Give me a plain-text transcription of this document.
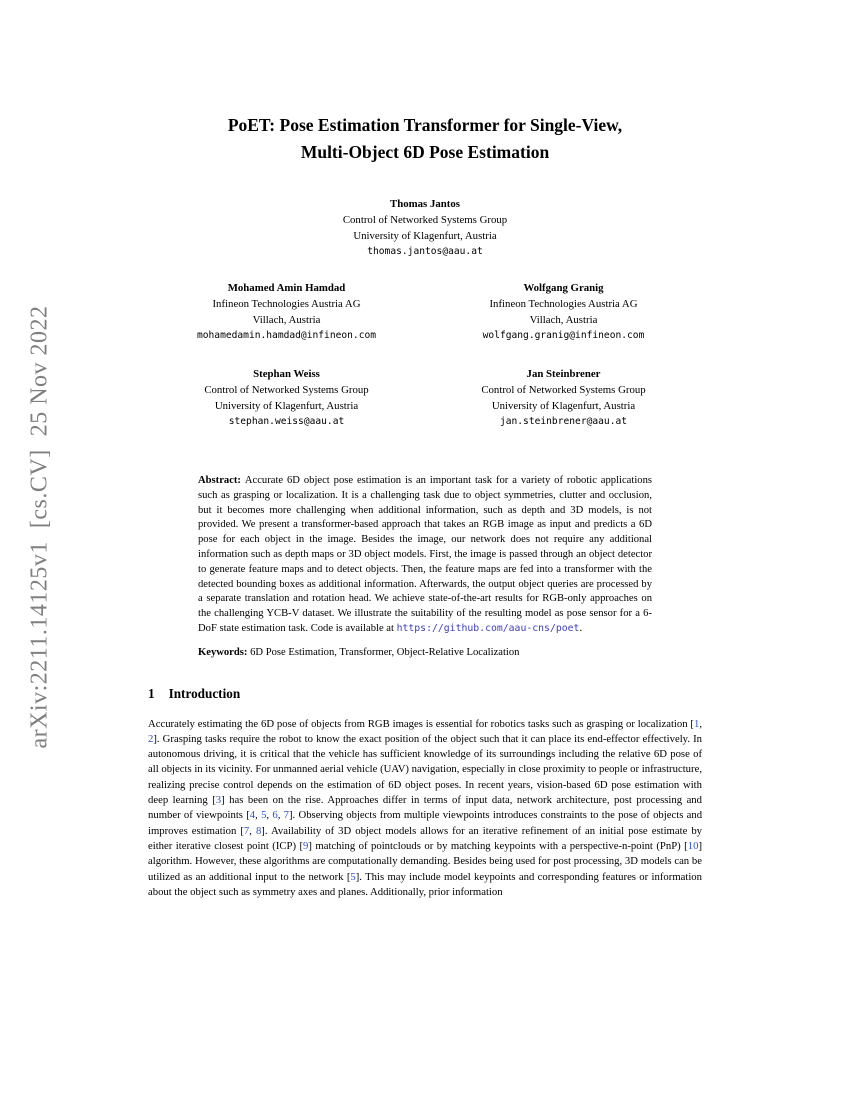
arXiv:2211.14125v1  [cs.CV]  25 Nov 2022
PoET: Pose Estimation Transformer for Single-View,
Multi-Object 6D Pose Estimation
Thomas Jantos
Control of Networked Systems Group
University of Klagenfurt, Austria
thomas.jantos@aau.at
Mohamed Amin Hamdad
Infineon Technologies Austria AG
Villach, Austria
mohamedamin.hamdad@infineon.com
Wolfgang Granig
Infineon Technologies Austria AG
Villach, Austria
wolfgang.granig@infineon.com
Stephan Weiss
Control of Networked Systems Group
University of Klagenfurt, Austria
stephan.weiss@aau.at
Jan Steinbrener
Control of Networked Systems Group
University of Klagenfurt, Austria
jan.steinbrener@aau.at
Abstract: Accurate 6D object pose estimation is an important task for a variety of robotic applications such as grasping or localization. It is a challenging task due to object symmetries, clutter and occlusion, but it becomes more challenging when additional information, such as depth and 3D models, is not provided. We present a transformer-based approach that takes an RGB image as input and predicts a 6D pose for each object in the image. Besides the image, our network does not require any additional information such as depth maps or 3D object models. First, the image is passed through an object detector to generate feature maps and to detect objects. Then, the feature maps are fed into a transformer with the detected bounding boxes as additional information. Afterwards, the output object queries are processed by a separate translation and rotation head. We achieve state-of-the-art results for RGB-only approaches on the challenging YCB-V dataset. We illustrate the suitability of the resulting model as pose sensor for a 6-DoF state estimation task. Code is available at https://github.com/aau-cns/poet.
Keywords: 6D Pose Estimation, Transformer, Object-Relative Localization
1 Introduction
Accurately estimating the 6D pose of objects from RGB images is essential for robotics tasks such as grasping or localization [1, 2]. Grasping tasks require the robot to know the exact position of the object such that it can place its end-effector effectively. In autonomous driving, it is critical that the vehicle has sufficient knowledge of its surroundings including the relative 6D pose of all objects in its vicinity. For unmanned aerial vehicle (UAV) navigation, especially in close proximity to people or infrastructure, realizing precise control depends on the estimation of 6D object poses. In recent years, vision-based 6D pose estimation with deep learning [3] has been on the rise. Approaches differ in terms of input data, network architecture, post processing and number of viewpoints [4, 5, 6, 7]. Observing objects from multiple viewpoints introduces constraints to the pose of objects and improves estimation [7, 8]. Availability of 3D object models allows for an iterative refinement of an initial pose estimate by either iterative closest point (ICP) [9] matching of pointclouds or by matching keypoints with a perspective-n-point (PnP) [10] algorithm. However, these algorithms are computationally demanding. Besides being used for post processing, 3D models can be utilized as an additional input to the network [5]. This may include model keypoints and corresponding features or information about the object such as symmetry axes and planes. Additionally, prior information
